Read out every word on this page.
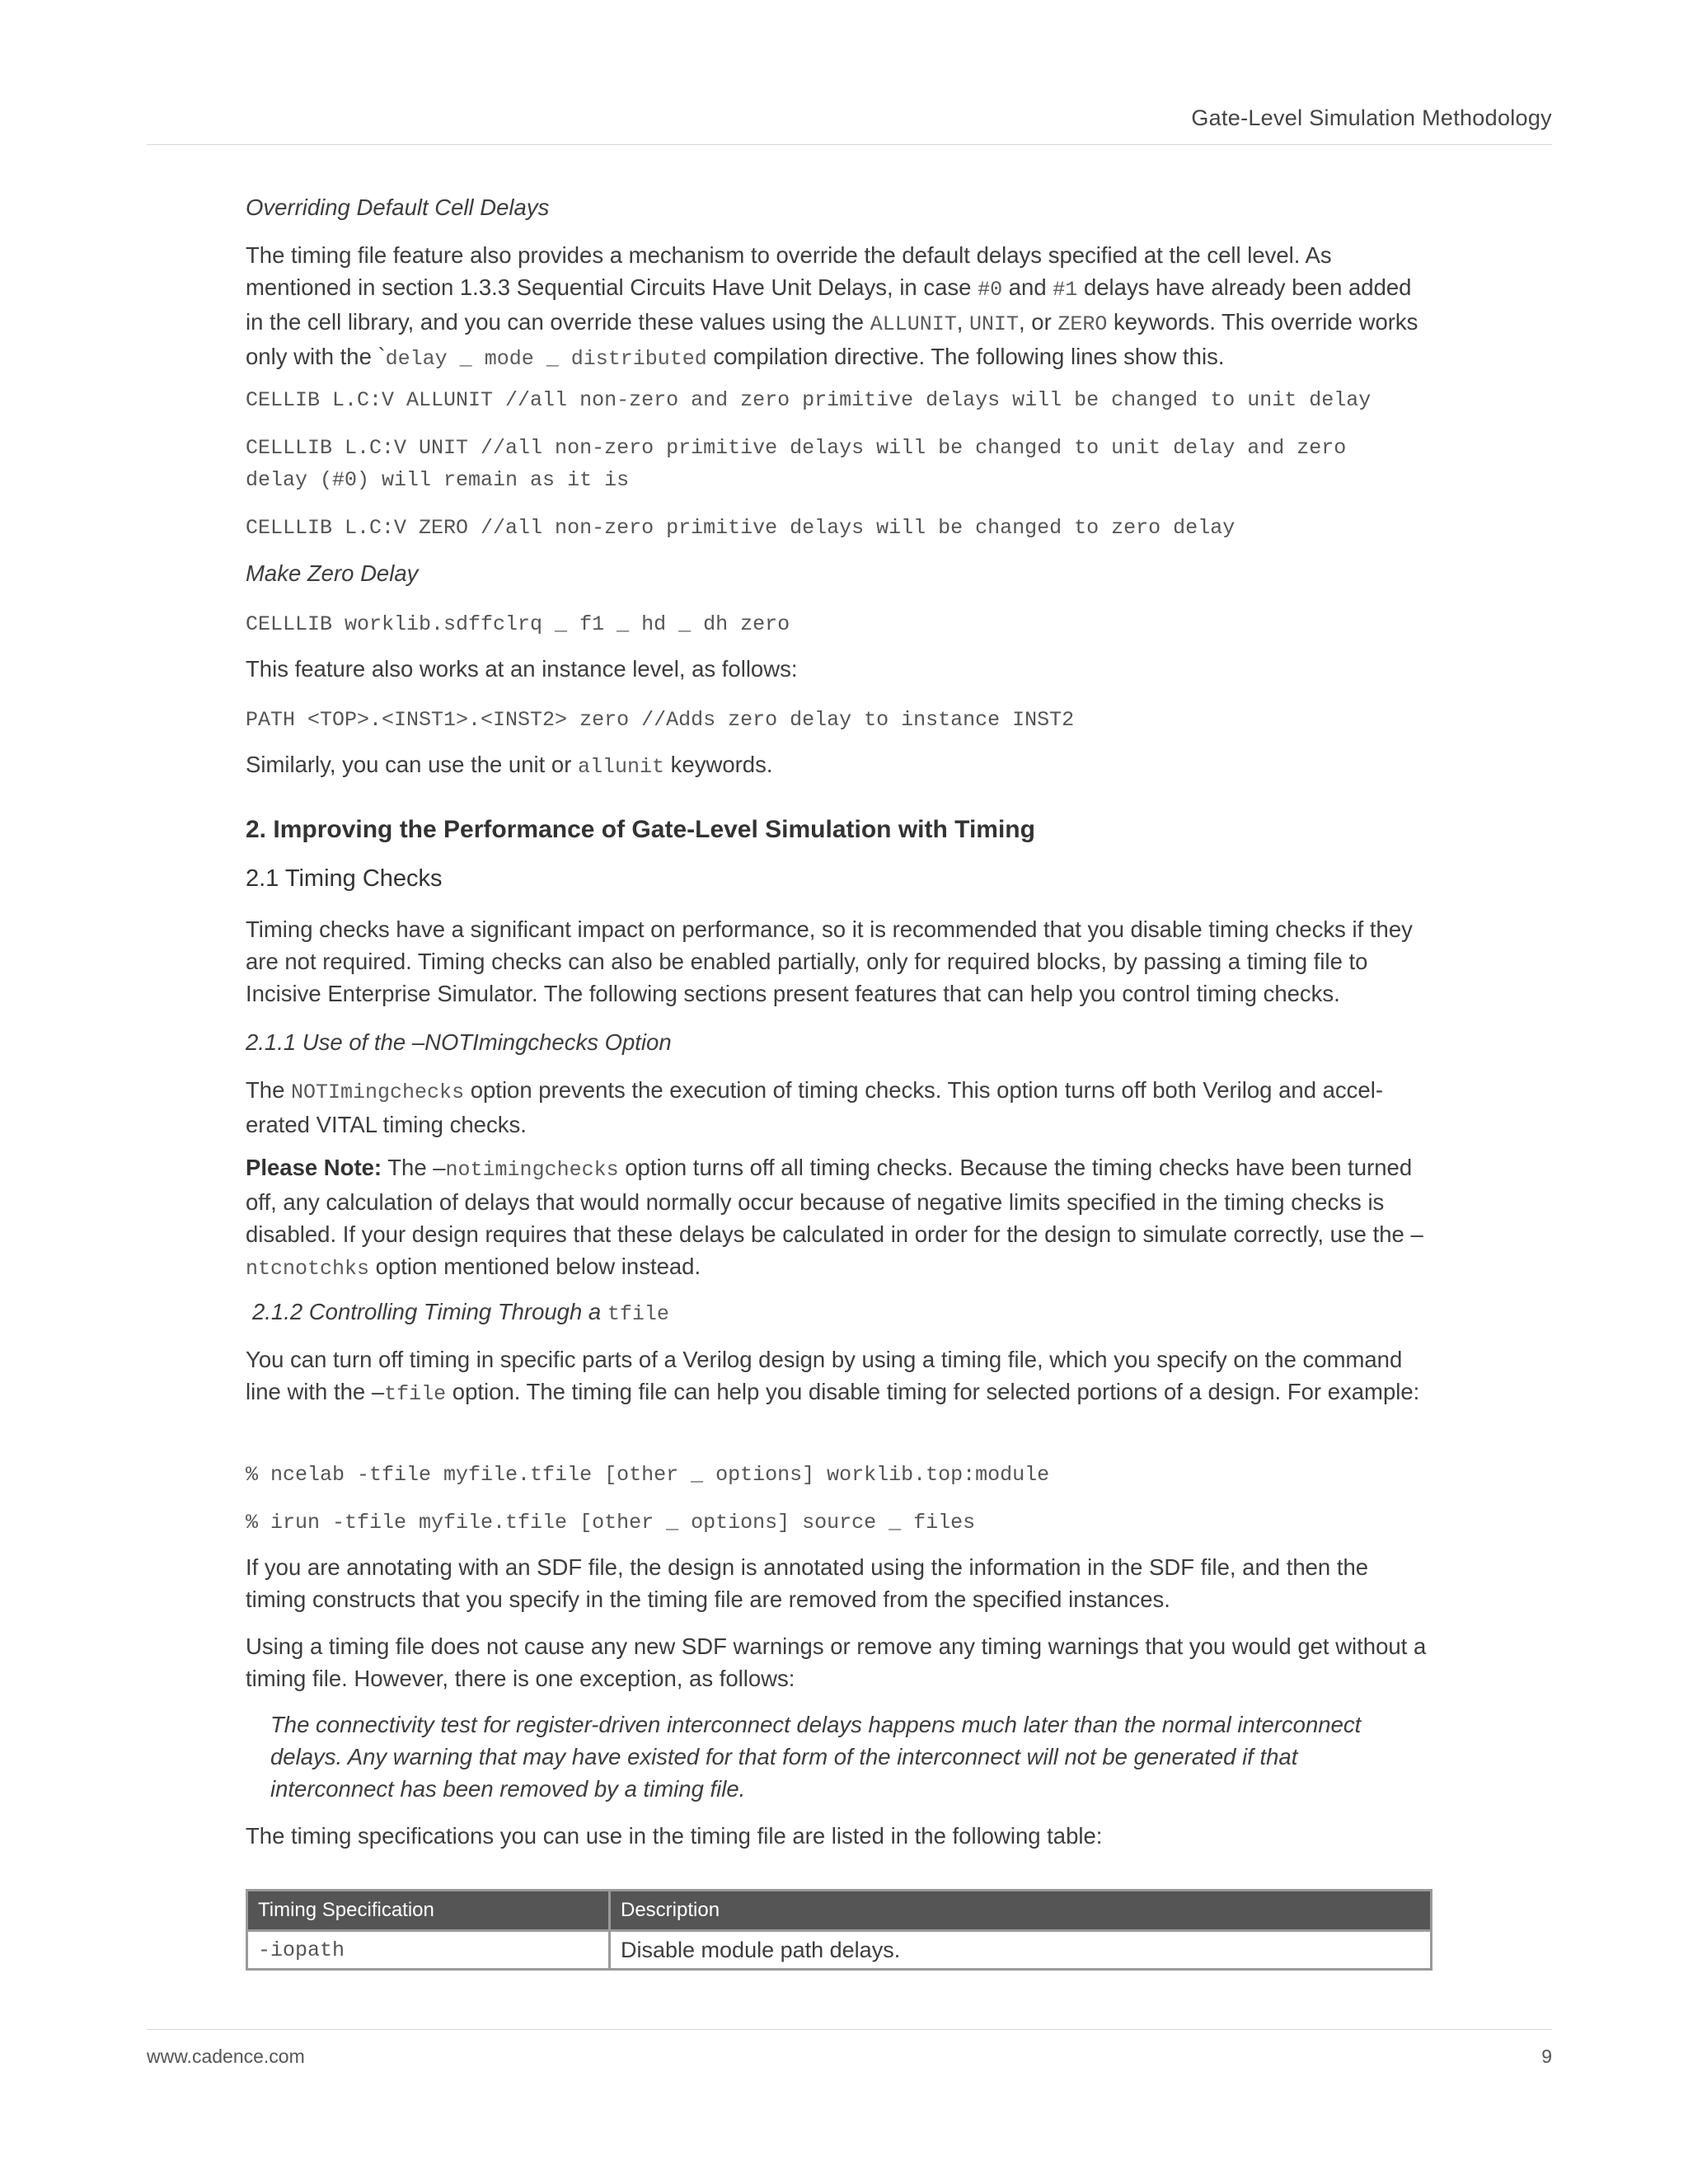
Gate-Level Simulation Methodology
Overriding Default Cell Delays
The timing file feature also provides a mechanism to override the default delays specified at the cell level. As mentioned in section 1.3.3 Sequential Circuits Have Unit Delays, in case #0 and #1 delays have already been added in the cell library, and you can override these values using the ALLUNIT, UNIT, or ZERO keywords. This override works only with the `delay _ mode _ distributed compilation directive. The following lines show this.
CELLIB L.C:V ALLUNIT //all non-zero and zero primitive delays will be changed to unit delay
CELLLIB L.C:V UNIT //all non-zero primitive delays will be changed to unit delay and zero
delay (#0) will remain as it is
CELLLIB L.C:V ZERO //all non-zero primitive delays will be changed to zero delay
Make Zero Delay
CELLLIB worklib.sdffclrq _ f1 _ hd _ dh zero
This feature also works at an instance level, as follows:
PATH <TOP>.<INST1>.<INST2> zero //Adds zero delay to instance INST2
Similarly, you can use the unit or allunit keywords.
2. Improving the Performance of Gate-Level Simulation with Timing
2.1 Timing Checks
Timing checks have a significant impact on performance, so it is recommended that you disable timing checks if they are not required. Timing checks can also be enabled partially, only for required blocks, by passing a timing file to Incisive Enterprise Simulator. The following sections present features that can help you control timing checks.
2.1.1 Use of the –NOTImingchecks Option
The NOTImingchecks option prevents the execution of timing checks. This option turns off both Verilog and accel-erated VITAL timing checks.
Please Note: The –notimingchecks option turns off all timing checks. Because the timing checks have been turned off, any calculation of delays that would normally occur because of negative limits specified in the timing checks is disabled. If your design requires that these delays be calculated in order for the design to simulate correctly, use the –ntcnotchks option mentioned below instead.
2.1.2 Controlling Timing Through a tfile
You can turn off timing in specific parts of a Verilog design by using a timing file, which you specify on the command line with the –tfile option. The timing file can help you disable timing for selected portions of a design. For example:
% ncelab -tfile myfile.tfile [other _ options] worklib.top:module
% irun -tfile myfile.tfile [other _ options] source _ files
If you are annotating with an SDF file, the design is annotated using the information in the SDF file, and then the timing constructs that you specify in the timing file are removed from the specified instances.
Using a timing file does not cause any new SDF warnings or remove any timing warnings that you would get without a timing file. However, there is one exception, as follows:
The connectivity test for register-driven interconnect delays happens much later than the normal interconnect delays. Any warning that may have existed for that form of the interconnect will not be generated if that interconnect has been removed by a timing file.
The timing specifications you can use in the timing file are listed in the following table:
Timing Specification	Description
-iopath	Disable module path delays.
www.cadence.com	9
